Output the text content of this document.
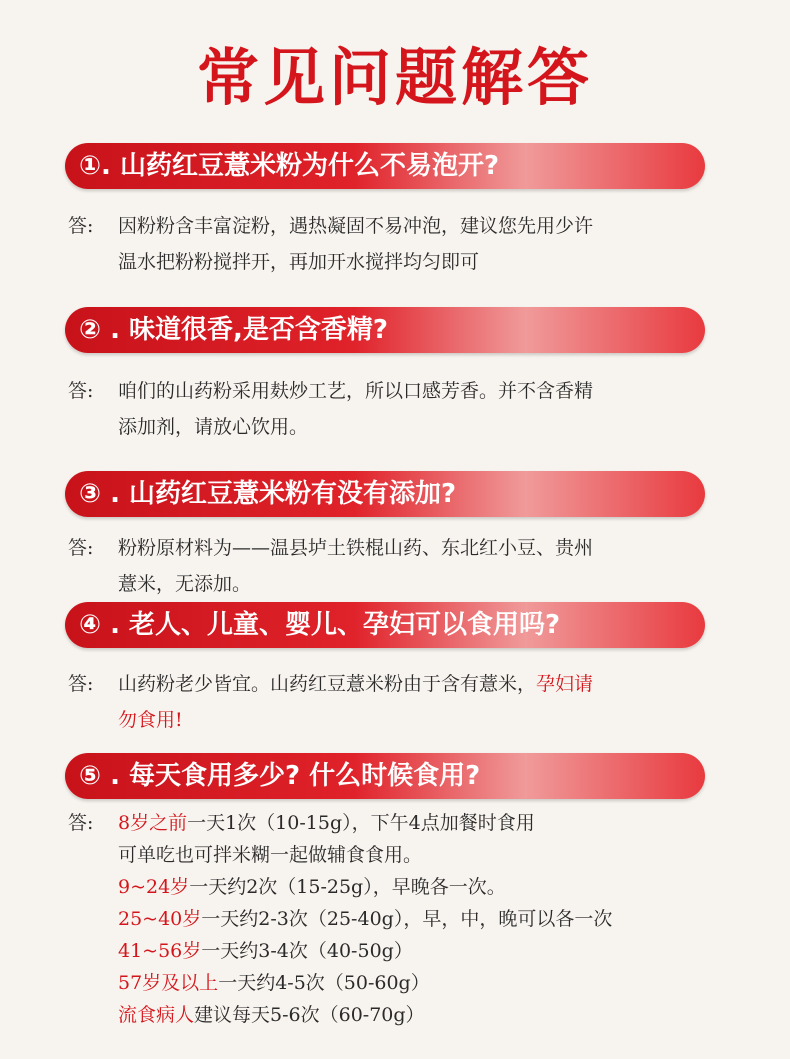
常见问题解答
①. 山药红豆薏米粉为什么不易泡开?
答: 因粉粉含丰富淀粉，遇热凝固不易冲泡，建议您先用少许
温水把粉粉搅拌开，再加开水搅拌均匀即可
② . 味道很香,是否含香精?
答: 咱们的山药粉采用麸炒工艺，所以口感芳香。并不含香精
添加剂，请放心饮用。
③ . 山药红豆薏米粉有没有添加?
答: 粉粉原材料为——温县垆土铁棍山药、东北红小豆、贵州
薏米，无添加。
④ . 老人、儿童、婴儿、孕妇可以食用吗?
答: 山药粉老少皆宜。山药红豆薏米粉由于含有薏米，孕妇请
勿食用!
⑤ . 每天食用多少? 什么时候食用?
答: 8岁之前一天1次（10-15g），下午4点加餐时食用
可单吃也可拌米糊一起做辅食食用。
9~24岁一天约2次（15-25g），早晚各一次。
25~40岁一天约2-3次（25-40g），早，中，晚可以各一次
41~56岁一天约3-4次（40-50g）
57岁及以上一天约4-5次（50-60g）
流食病人建议每天5-6次（60-70g）
